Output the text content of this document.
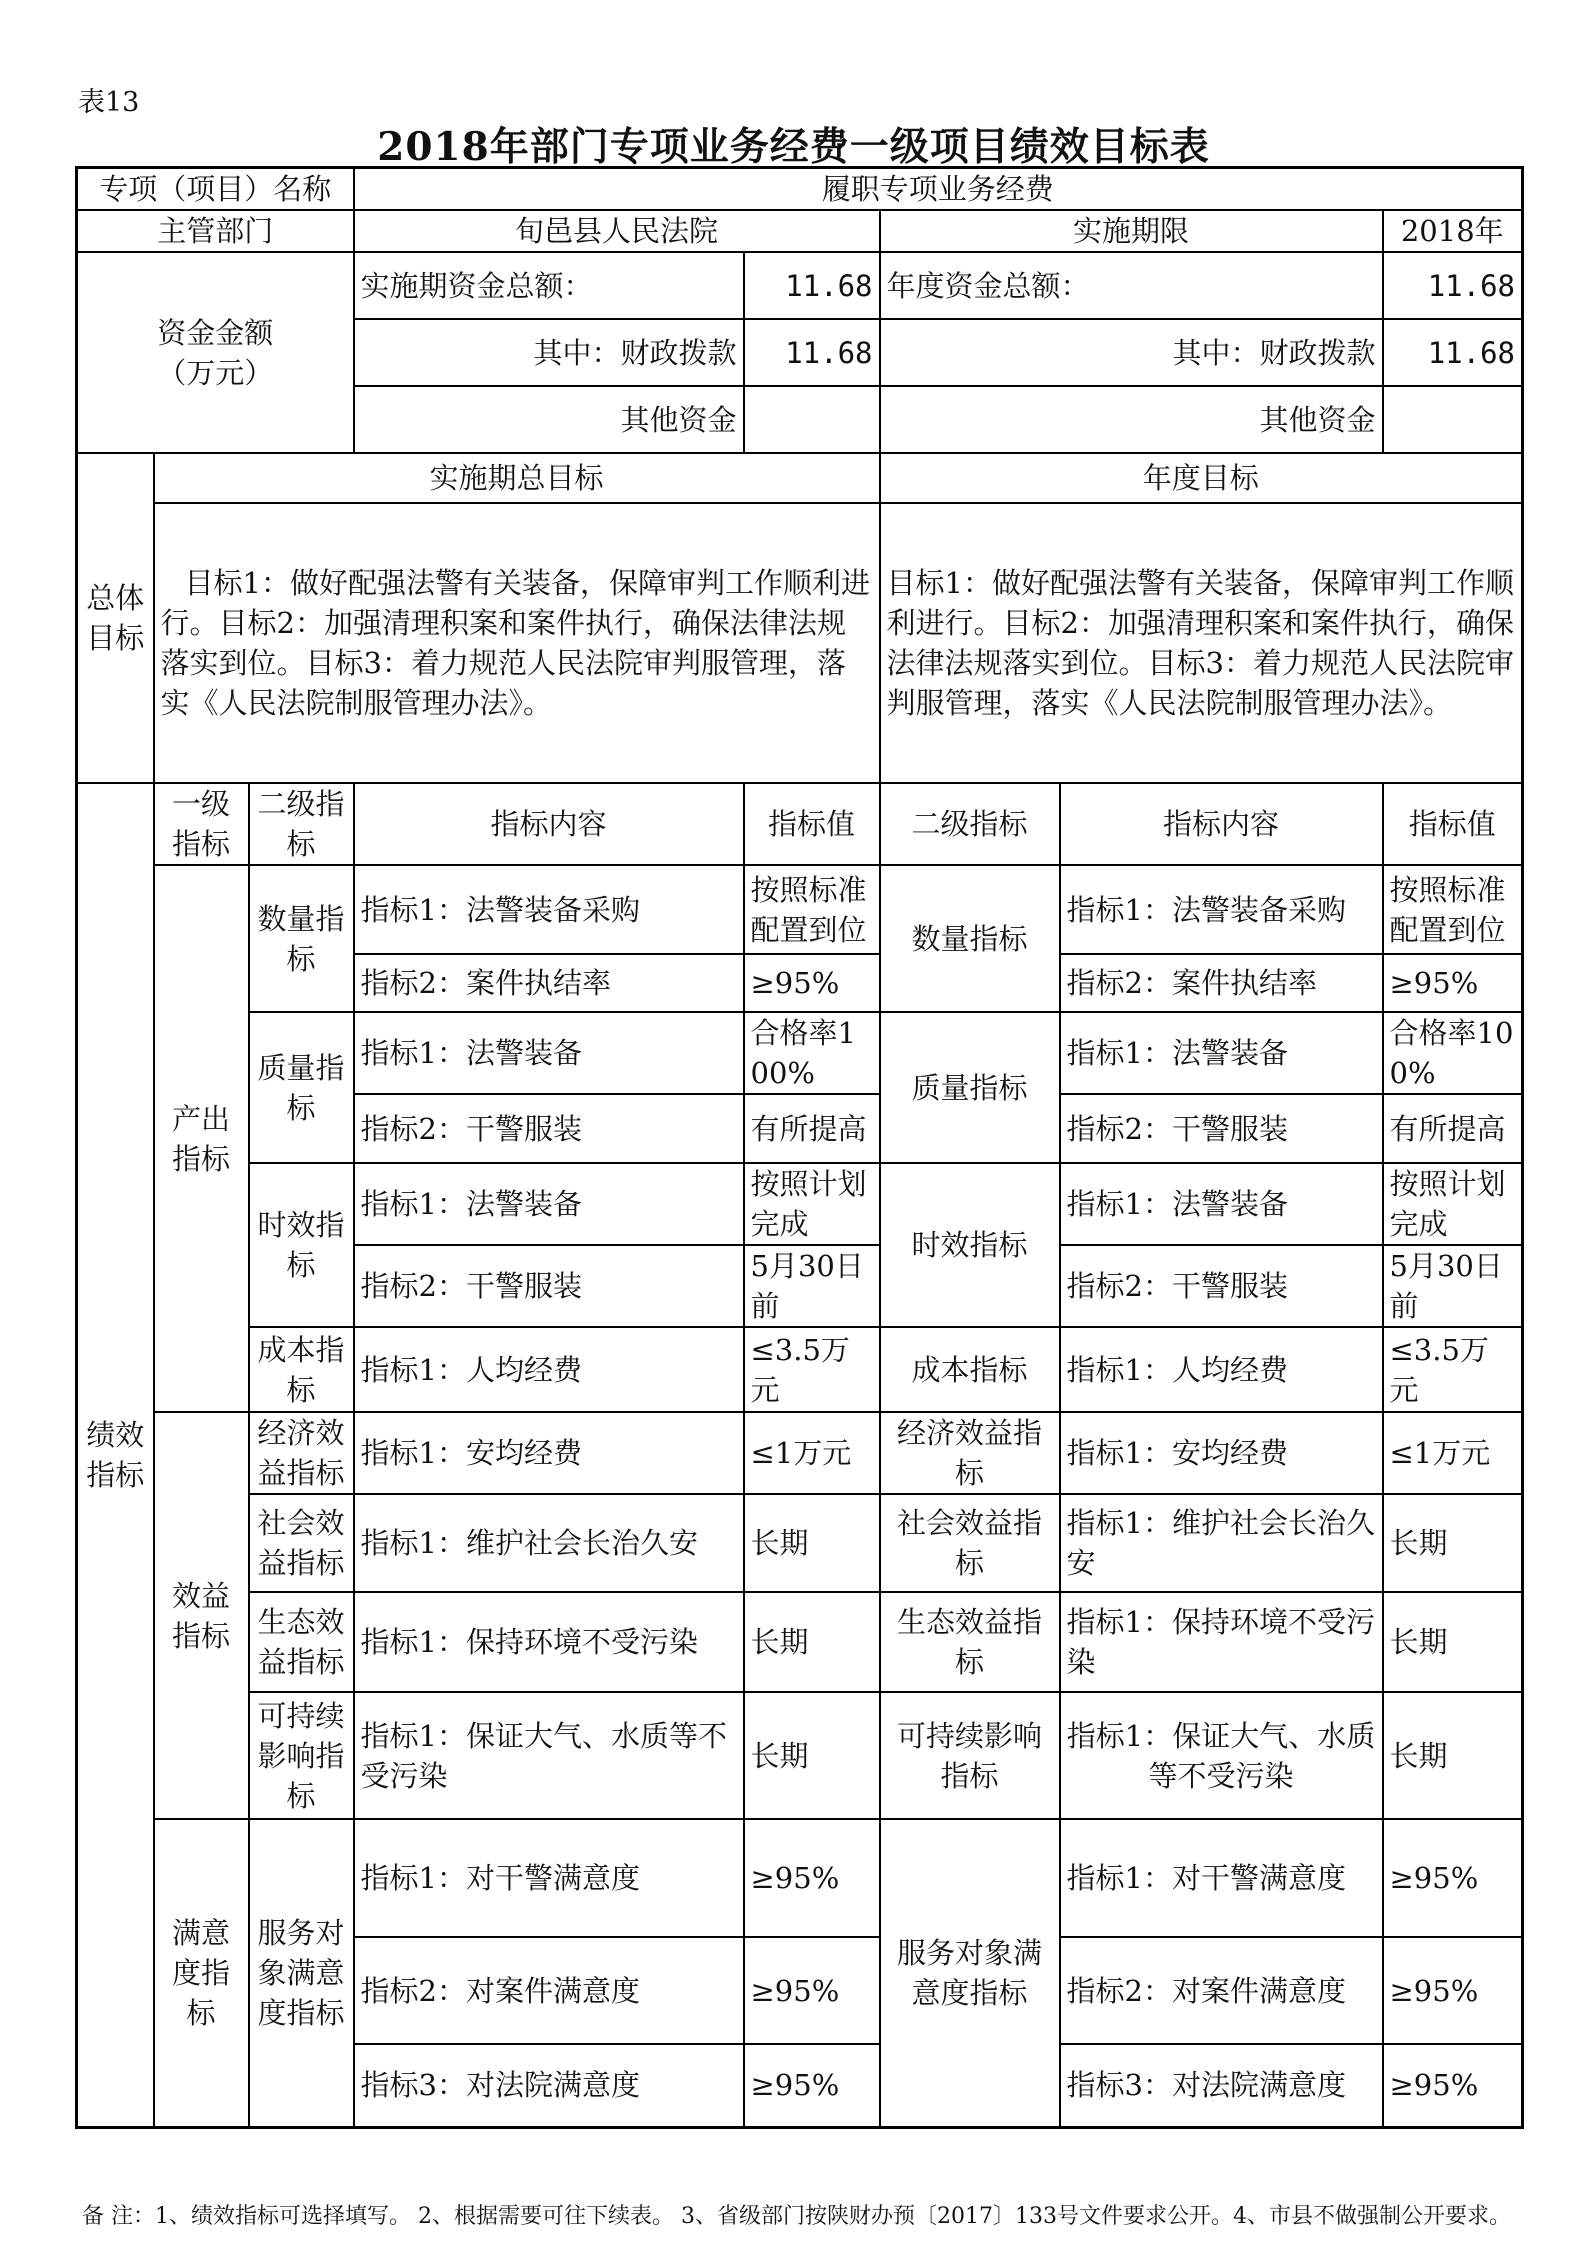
表13
2018年部门专项业务经费一级项目绩效目标表
专项（项目）名称			履职专项业务经费				
主管部门			旬邑县人民法院		实施期限		2018年
资金金额（万元）			实施期资金总额：	11.68	年度资金总额：		11.68
			其中：财政拨款	11.68	其中：财政拨款		11.68
			其他资金		其他资金		
总体目标	实施期总目标				年度目标		
	目标1：做好配强法警有关装备，保障审判工作顺利进行。目标2：加强清理积案和案件执行，确保法律法规落实到位。目标3：着力规范人民法院审判服管理，落实《人民法院制服管理办法》。				目标1：做好配强法警有关装备，保障审判工作顺利进行。目标2：加强清理积案和案件执行，确保法律法规落实到位。目标3：着力规范人民法院审判服管理，落实《人民法院制服管理办法》。		
绩效指标	一级指标	二级指标	指标内容	指标值	二级指标	指标内容	指标值
	产出指标	数量指标	指标1：法警装备采购	按照标准配置到位	数量指标	指标1：法警装备采购	按照标准配置到位
			指标2：案件执结率	≥95%		指标2：案件执结率	≥95%
		质量指标	指标1：法警装备	合格率100%	质量指标	指标1：法警装备	合格率100%
			指标2：干警服装	有所提高		指标2：干警服装	有所提高
		时效指标	指标1：法警装备	按照计划完成	时效指标	指标1：法警装备	按照计划完成
			指标2：干警服装	5月30日前		指标2：干警服装	5月30日前
		成本指标	指标1：人均经费	≤3.5万元	成本指标	指标1：人均经费	≤3.5万元
	效益指标	经济效益指标	指标1：安均经费	≤1万元	经济效益指标	指标1：安均经费	≤1万元
		社会效益指标	指标1：维护社会长治久安	长期	社会效益指标	指标1：维护社会长治久安	长期
		生态效益指标	指标1：保持环境不受污染	长期	生态效益指标	指标1：保持环境不受污染	长期
		可持续影响指标	指标1：保证大气、水质等不受污染	长期	可持续影响指标	指标1：保证大气、水质等不受污染	长期
	满意度指标	服务对象满意度指标	指标1：对干警满意度	≥95%	服务对象满意度指标	指标1：对干警满意度	≥95%
			指标2：对案件满意度	≥95%		指标2：对案件满意度	≥95%
			指标3：对法院满意度	≥95%		指标3：对法院满意度	≥95%
备 注：1、绩效指标可选择填写。 2、根据需要可往下续表。 3、省级部门按陕财办预〔2017〕133号文件要求公开。4、市县不做强制公开要求。
